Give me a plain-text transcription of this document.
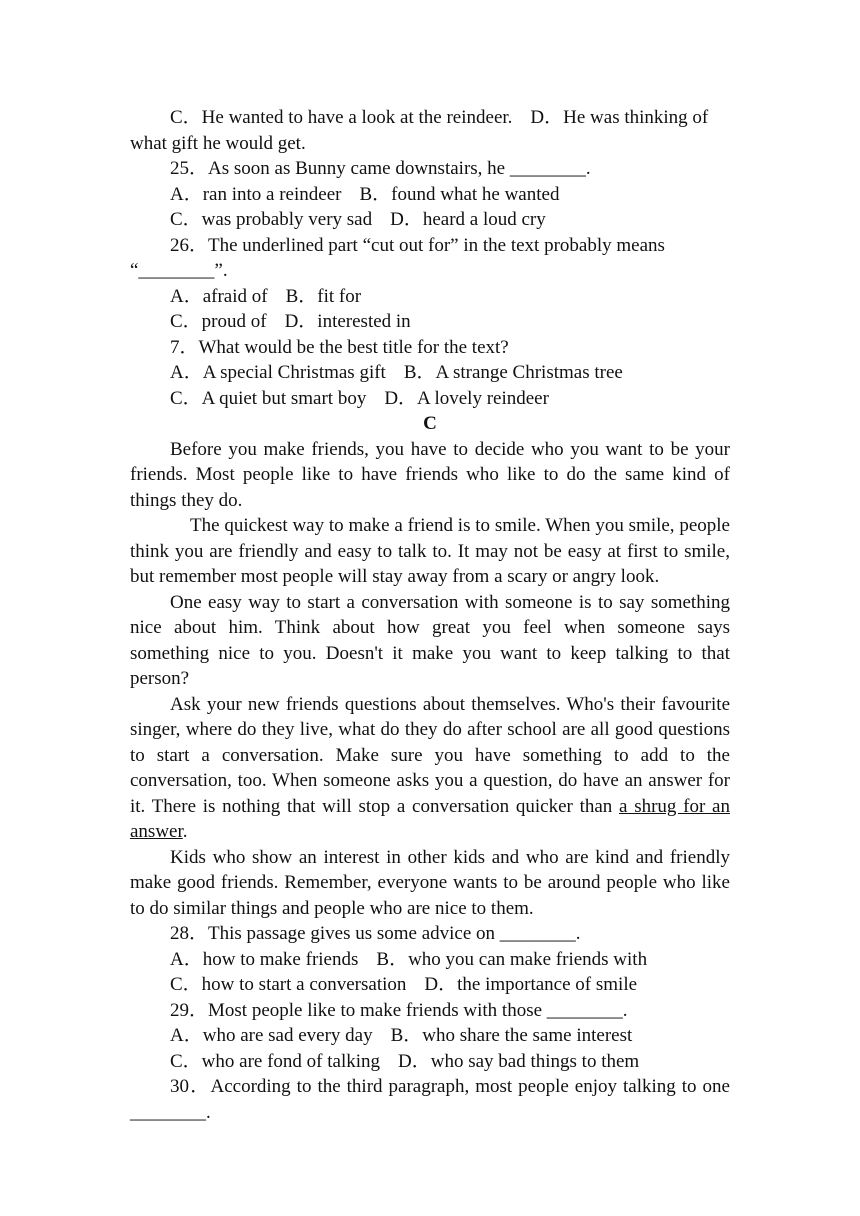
C．He wanted to have a look at the reindeer. D．He was thinking of

what gift he would get.

25．As soon as Bunny came downstairs, he ________.

A．ran into a reindeer B．found what he wanted

C．was probably very sad D．heard a loud cry

26．The underlined part “cut out for” in the text probably means

“________”.

A．afraid of B．fit for

C．proud of D．interested in

7．What would be the best title for the text?

A．A special Christmas gift B．A strange Christmas tree

C．A quiet but smart boy D．A lovely reindeer

C

Before you make friends, you have to decide who you want to be your friends. Most people like to have friends who like to do the same kind of things they do.

The quickest way to make a friend is to smile. When you smile, people think you are friendly and easy to talk to. It may not be easy at first to smile, but remember most people will stay away from a scary or angry look.

One easy way to start a conversation with someone is to say something nice about him. Think about how great you feel when someone says something nice to you. Doesn't it make you want to keep talking to that person?

Ask your new friends questions about themselves. Who's their favourite singer, where do they live, what do they do after school are all good questions to start a conversation. Make sure you have something to add to the conversation, too. When someone asks you a question, do have an answer for it. There is nothing that will stop a conversation quicker than a shrug for an answer.

Kids who show an interest in other kids and who are kind and friendly make good friends. Remember, everyone wants to be around people who like to do similar things and people who are nice to them.

28．This passage gives us some advice on ________.

A．how to make friends B．who you can make friends with

C．how to start a conversation D．the importance of smile

29．Most people like to make friends with those ________.

A．who are sad every day B．who share the same interest

C．who are fond of talking D．who say bad things to them

30．According to the third paragraph, most people enjoy talking to one ________.
